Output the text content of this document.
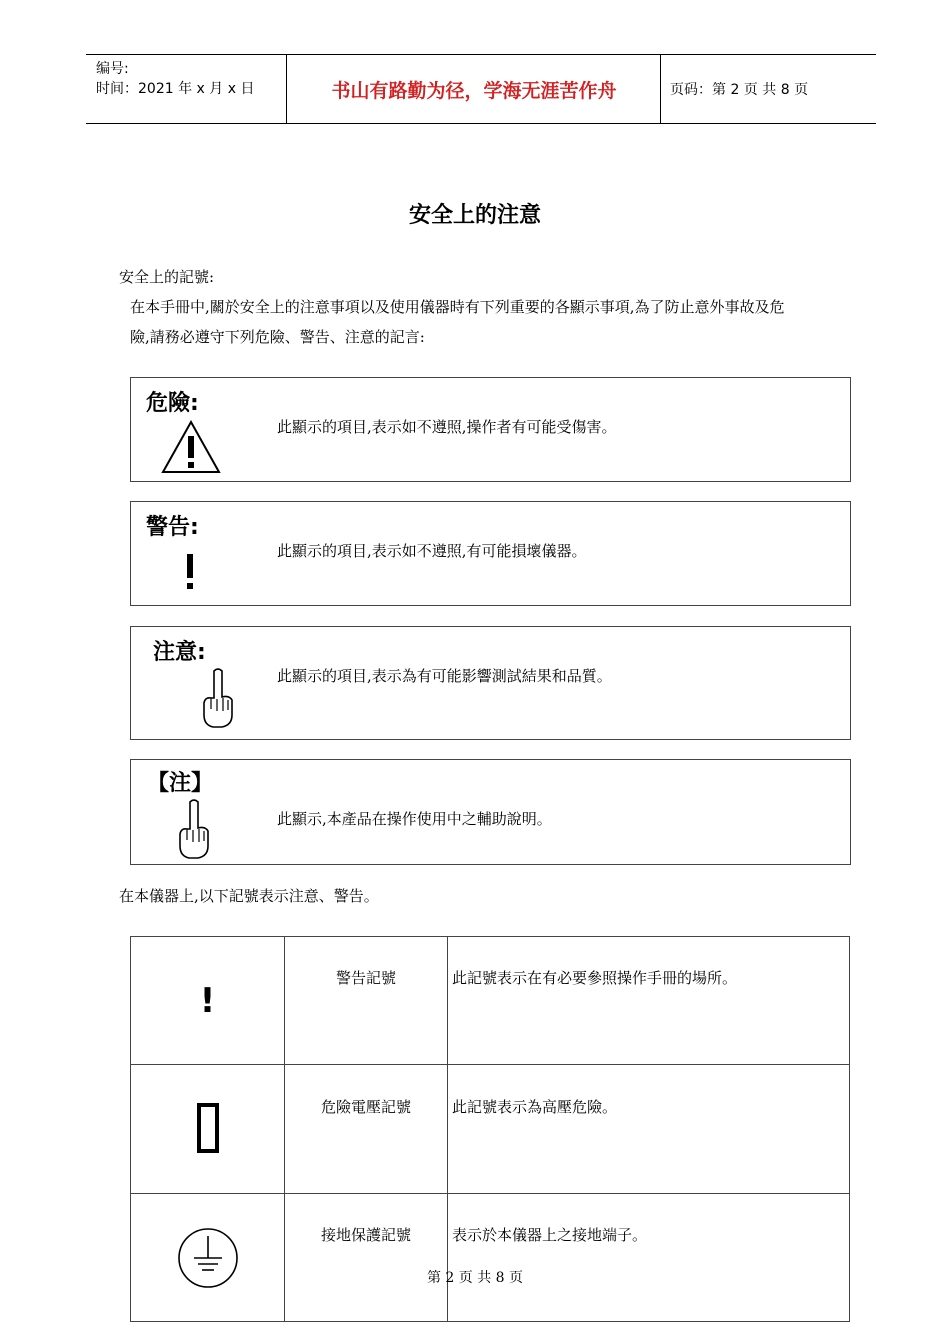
编号:
时间：2021 年 x 月 x 日	书山有路勤为径，学海无涯苦作舟	页码：第 2 页 共 8 页
安全上的注意
安全上的記號:
在本手冊中,關於安全上的注意事項以及使用儀器時有下列重要的各顯示事項,為了防止意外事故及危
險,請務必遵守下列危險、警告、注意的記言:
危險:
此顯示的項目,表示如不遵照,操作者有可能受傷害。
警告:
此顯示的項目,表示如不遵照,有可能損壞儀器。
注意:
此顯示的項目,表示為有可能影響測試結果和品質。
【注】
此顯示,本產品在操作使用中之輔助說明。
在本儀器上,以下記號表示注意、警告。
!	警告記號	此記號表示在有必要參照操作手冊的場所。
	危險電壓記號	此記號表示為高壓危險。
	接地保護記號	表示於本儀器上之接地端子。
第 2 页 共 8 页
